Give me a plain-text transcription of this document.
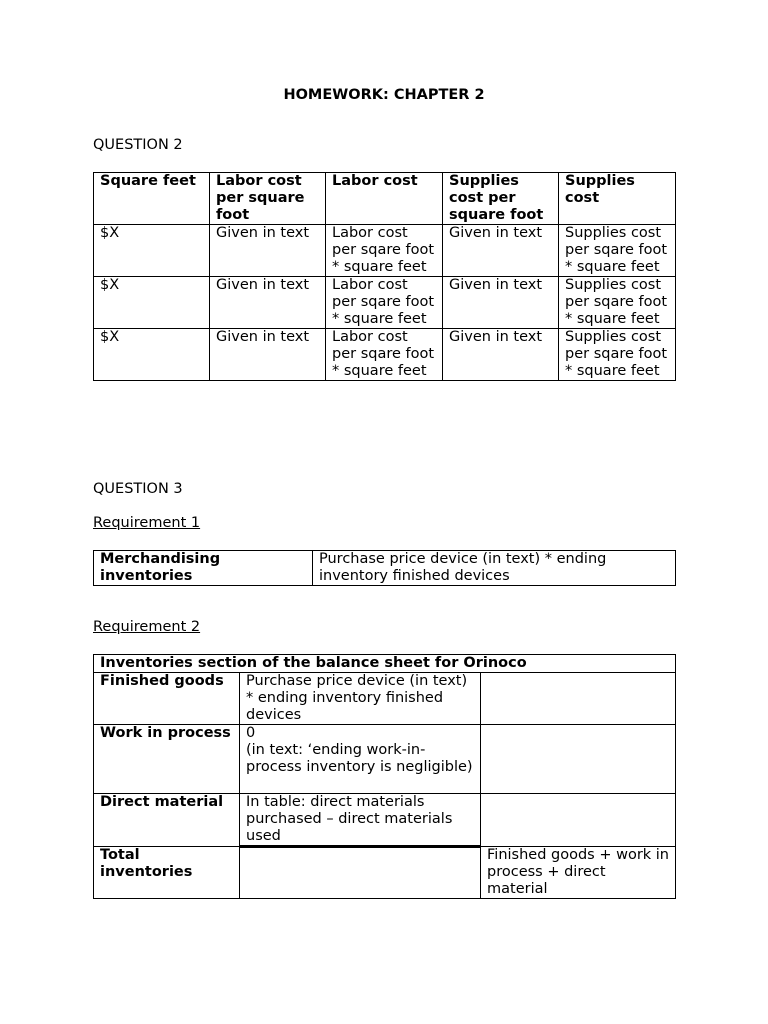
HOMEWORK: CHAPTER 2
QUESTION 2
Square feet	Labor cost per square foot	Labor cost	Supplies cost per square foot	Supplies cost
$X	Given in text	Labor cost per sqare foot * square feet	Given in text	Supplies cost per sqare foot * square feet
$X	Given in text	Labor cost per sqare foot * square feet	Given in text	Supplies cost per sqare foot * square feet
$X	Given in text	Labor cost per sqare foot * square feet	Given in text	Supplies cost per sqare foot * square feet
QUESTION 3
Requirement 1
Merchandising inventories	Purchase price device (in text) * ending inventory finished devices
Requirement 2
Inventories section of the balance sheet for Orinoco		
Finished goods	Purchase price device (in text) * ending inventory finished devices	
Work in process	0
(in text: ‘ending work-in-process inventory is negligible)	
Direct material	In table: direct materials purchased – direct materials used	
Total inventories		Finished goods + work in process + direct material
